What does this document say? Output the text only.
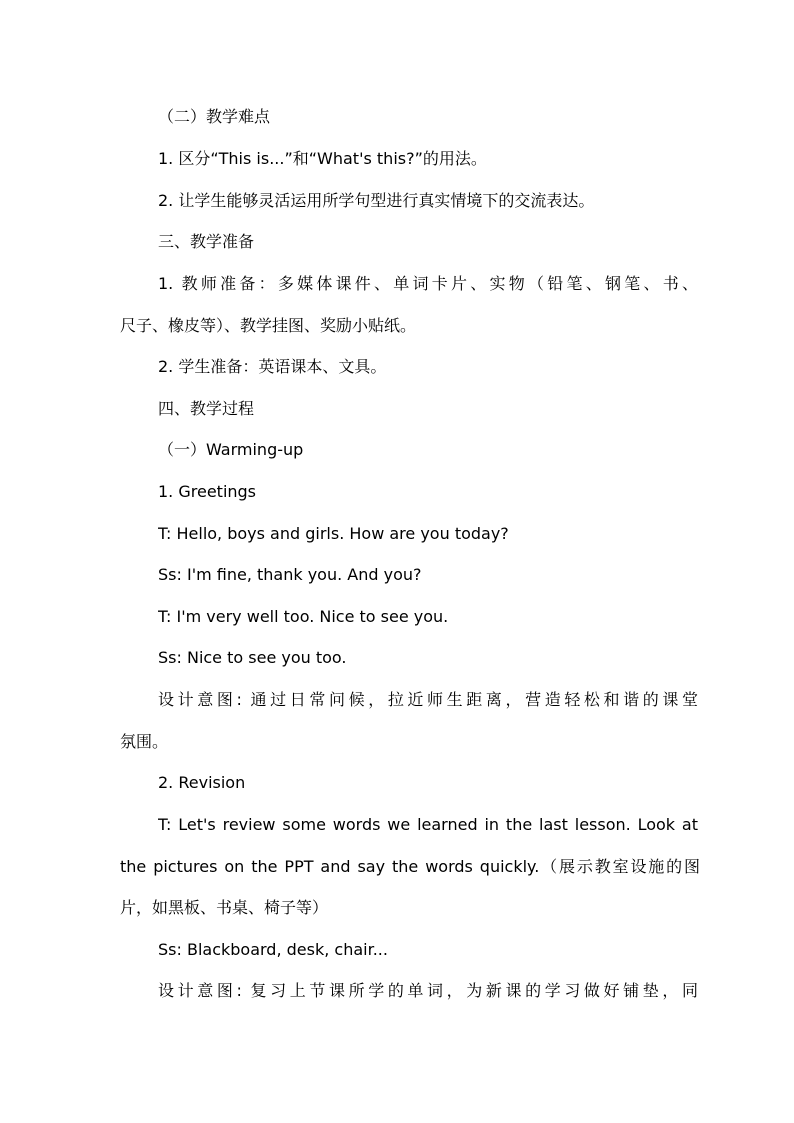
（二）教学难点
1. 区分“This is...”和“What's this?”的用法。
2. 让学生能够灵活运用所学句型进行真实情境下的交流表达。
三、教学准备
1. 教师准备：多媒体课件、单词卡片、实物（铅笔、钢笔、书、
尺子、橡皮等）、教学挂图、奖励小贴纸。
2. 学生准备：英语课本、文具。
四、教学过程
（一）Warming-up
1. Greetings
T: Hello, boys and girls. How are you today?
Ss: I'm fine, thank you. And you?
T: I'm very well too. Nice to see you.
Ss: Nice to see you too.
设计意图: 通过日常问候，拉近师生距离，营造轻松和谐的课堂
氛围。
2. Revision
T: Let's review some words we learned in the last lesson. Look at
the pictures on the PPT and say the words quickly.（展示教室设施的图
片，如黑板、书桌、椅子等）
Ss: Blackboard, desk, chair...
设计意图: 复习上节课所学的单词，为新课的学习做好铺垫，同
